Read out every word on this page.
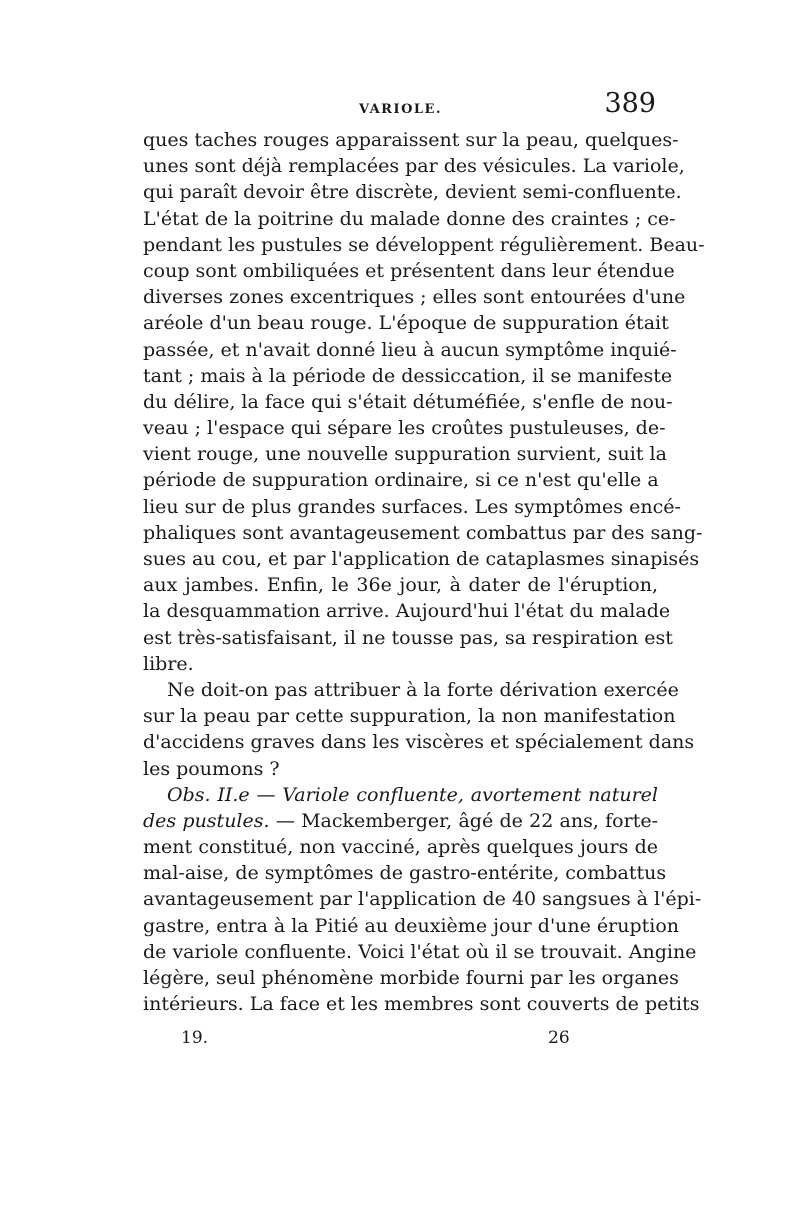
VARIOLE.	389
ques taches rouges apparaissent sur la peau, quelques-
unes sont déjà remplacées par des vésicules. La variole,
qui paraît devoir être discrète, devient semi-confluente.
L'état de la poitrine du malade donne des craintes ; ce-
pendant les pustules se développent régulièrement. Beau-
coup sont ombiliquées et présentent dans leur étendue
diverses zones excentriques ; elles sont entourées d'une
aréole d'un beau rouge. L'époque de suppuration était
passée, et n'avait donné lieu à aucun symptôme inquié-
tant ; mais à la période de dessiccation, il se manifeste
du délire, la face qui s'était détuméfiée, s'enfle de nou-
veau ; l'espace qui sépare les croûtes pustuleuses, de-
vient rouge, une nouvelle suppuration survient, suit la
période de suppuration ordinaire, si ce n'est qu'elle a
lieu sur de plus grandes surfaces. Les symptômes encé-
phaliques sont avantageusement combattus par des sang-
sues au cou, et par l'application de cataplasmes sinapisés
aux jambes. Enfin, le 36e jour, à dater de l'éruption,
la desquammation arrive. Aujourd'hui l'état du malade
est très-satisfaisant, il ne tousse pas, sa respiration est
libre.
Ne doit-on pas attribuer à la forte dérivation exercée
sur la peau par cette suppuration, la non manifestation
d'accidens graves dans les viscères et spécialement dans
les poumons ?
Obs. II.e — Variole confluente, avortement naturel
des pustules. — Mackemberger, âgé de 22 ans, forte-
ment constitué, non vacciné, après quelques jours de
mal-aise, de symptômes de gastro-entérite, combattus
avantageusement par l'application de 40 sangsues à l'épi-
gastre, entra à la Pitié au deuxième jour d'une éruption
de variole confluente. Voici l'état où il se trouvait. Angine
légère, seul phénomène morbide fourni par les organes
intérieurs. La face et les membres sont couverts de petits
19.	26
